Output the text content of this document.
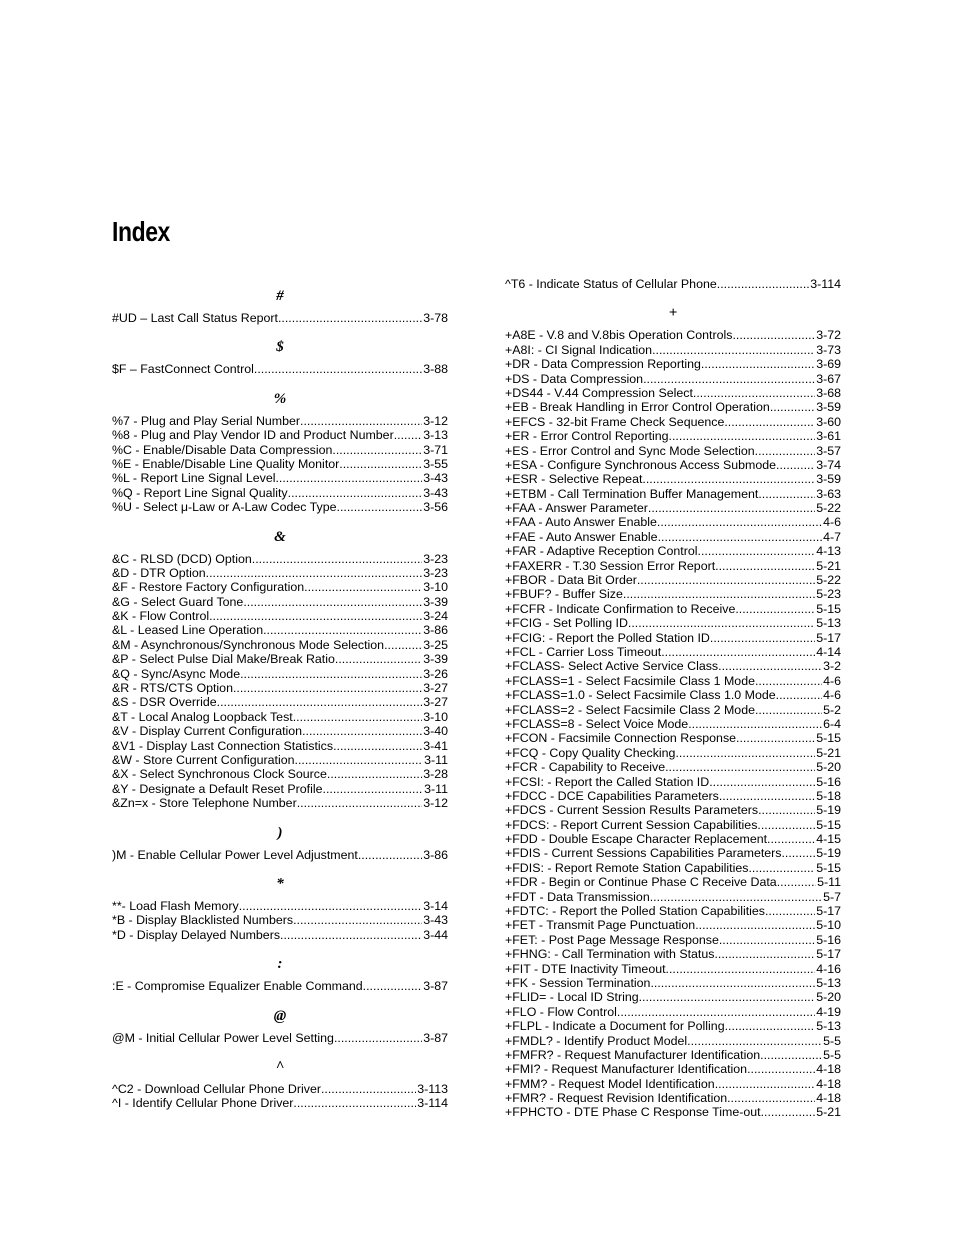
Index
#
#UD – Last Call Status Report .....	3-78
$
$F – FastConnect Control .....	3-88
%
%7 - Plug and Play Serial Number .....	3-12
%8 - Plug and Play Vendor ID and Product Number ..... 3-13
%C - Enable/Disable Data Compression .....	3-71
%E - Enable/Disable Line Quality Monitor .....	3-55
%L - Report Line Signal Level .....	3-43
%Q - Report Line Signal Quality .....	3-43
%U - Select μ-Law or A-Law Codec Type .....	3-56
&
&C - RLSD (DCD) Option .....	3-23
&D - DTR Option .....	3-23
&F - Restore Factory Configuration .....	3-10
&G - Select Guard Tone .....	3-39
&K - Flow Control .....	3-24
&L - Leased Line Operation .....	3-86
&M - Asynchronous/Synchronous Mode Selection .....	3-25
&P - Select Pulse Dial Make/Break Ratio .....	3-39
&Q - Sync/Async Mode .....	3-26
&R - RTS/CTS Option .....	3-27
&S - DSR Override .....	3-27
&T - Local Analog Loopback Test .....	3-10
&V - Display Current Configuration .....	3-40
&V1 - Display Last Connection Statistics .....	3-41
&W - Store Current Configuration .....	3-11
&X - Select Synchronous Clock Source .....	3-28
&Y - Designate a Default Reset Profile .....	3-11
&Zn=x - Store Telephone Number .....	3-12
)
)M - Enable Cellular Power Level Adjustment .....	3-86
*
**- Load Flash Memory .....	3-14
*B - Display Blacklisted Numbers .....	3-43
*D - Display Delayed Numbers .....	3-44
:
:E - Compromise Equalizer Enable Command .....	3-87
@
@M - Initial Cellular Power Level Setting .....	3-87
^
^C2 - Download Cellular Phone Driver .....	3-113
^I - Identify Cellular Phone Driver .....	3-114
^T6 - Indicate Status of Cellular Phone .....	3-114
+
+A8E - V.8 and V.8bis Operation Controls .....	3-72
+A8I: - CI Signal Indication .....	3-73
+DR - Data Compression Reporting .....	3-69
+DS - Data Compression .....	3-67
+DS44 - V.44 Compression Select .....	3-68
+EB - Break Handling in Error Control Operation .....	3-59
+EFCS - 32-bit Frame Check Sequence .....	3-60
+ER - Error Control Reporting .....	3-61
+ES - Error Control and Sync Mode Selection .....	3-57
+ESA - Configure Synchronous Access Submode .....	3-74
+ESR - Selective Repeat .....	3-59
+ETBM - Call Termination Buffer Management .....	3-63
+FAA - Answer Parameter .....	5-22
+FAA - Auto Answer Enable .....	4-6
+FAE - Auto Answer Enable .....	4-7
+FAR - Adaptive Reception Control .....	4-13
+FAXERR - T.30 Session Error Report .....	5-21
+FBOR - Data Bit Order .....	5-22
+FBUF? - Buffer Size .....	5-23
+FCFR - Indicate Confirmation to Receive .....	5-15
+FCIG - Set Polling ID .....	5-13
+FCIG: - Report the Polled Station ID .....	5-17
+FCL - Carrier Loss Timeout .....	4-14
+FCLASS- Select Active Service Class .....	3-2
+FCLASS=1 - Select Facsimile Class 1 Mode .....	4-6
+FCLASS=1.0 - Select Facsimile Class 1.0 Mode .....	4-6
+FCLASS=2 - Select Facsimile Class 2 Mode .....	5-2
+FCLASS=8 - Select Voice Mode .....	6-4
+FCON - Facsimile Connection Response .....	5-15
+FCQ - Copy Quality Checking .....	5-21
+FCR - Capability to Receive .....	5-20
+FCSI: - Report the Called Station ID .....	5-16
+FDCC - DCE Capabilities Parameters .....	5-18
+FDCS - Current Session Results Parameters .....	5-19
+FDCS: - Report Current Session Capabilities .....	5-15
+FDD - Double Escape Character Replacement .....	4-15
+FDIS - Current Sessions Capabilities Parameters .....	5-19
+FDIS: - Report Remote Station Capabilities .....	5-15
+FDR - Begin or Continue Phase C Receive Data .....	5-11
+FDT - Data Transmission .....	5-7
+FDTC: - Report the Polled Station Capabilities .....	5-17
+FET - Transmit Page Punctuation .....	5-10
+FET: - Post Page Message Response .....	5-16
+FHNG: - Call Termination with Status .....	5-17
+FIT - DTE Inactivity Timeout .....	4-16
+FK - Session Termination .....	5-13
+FLID= - Local ID String .....	5-20
+FLO - Flow Control .....	4-19
+FLPL - Indicate a Document for Polling .....	5-13
+FMDL? - Identify Product Model .....	5-5
+FMFR? - Request Manufacturer Identification .....	5-5
+FMI? - Request Manufacturer Identification .....	4-18
+FMM? - Request Model Identification .....	4-18
+FMR? - Request Revision Identification .....	4-18
+FPHCTO - DTE Phase C Response Time-out .....	5-21
